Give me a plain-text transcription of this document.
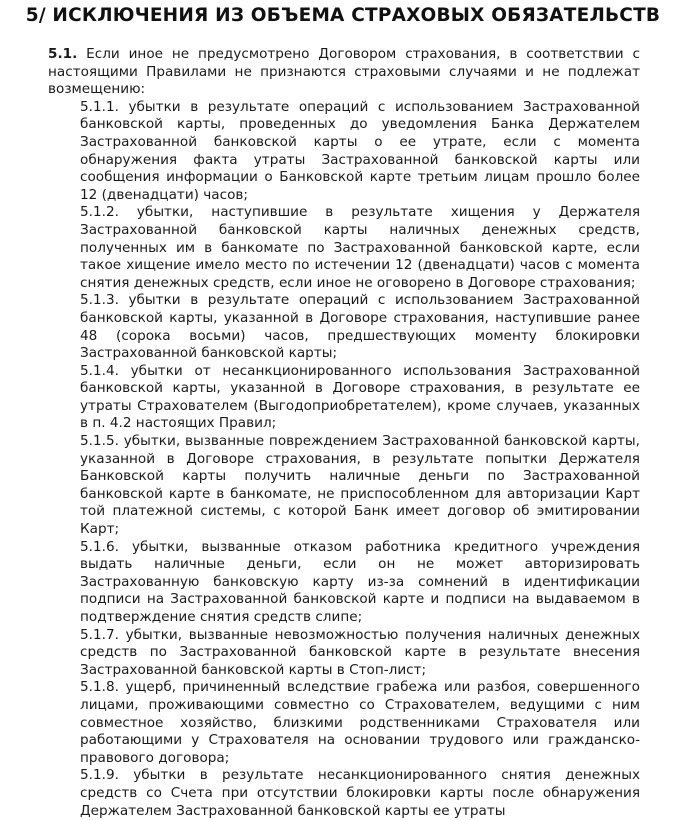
5/ ИСКЛЮЧЕНИЯ ИЗ ОБЪЕМА СТРАХОВЫХ ОБЯЗАТЕЛЬСТВ

5.1. Если иное не предусмотрено Договором страхования, в соответствии с настоящими Правилами не признаются страховыми случаями и не подлежат возмещению:

5.1.1. убытки в результате операций с использованием Застрахованной банковской карты, проведенных до уведомления Банка Держателем Застрахованной банковской карты о ее утрате, если с момента обнаружения факта утраты Застрахованной банковской карты или сообщения информации о Банковской карте третьим лицам прошло более 12 (двенадцати) часов;

5.1.2. убытки, наступившие в результате хищения у Держателя Застрахованной банковской карты наличных денежных средств, полученных им в банкомате по Застрахованной банковской карте, если такое хищение имело место по истечении 12 (двенадцати) часов с момента снятия денежных средств, если иное не оговорено в Договоре страхования;

5.1.3. убытки в результате операций с использованием Застрахованной банковской карты, указанной в Договоре страхования, наступившие ранее 48 (сорока восьми) часов, предшествующих моменту блокировки Застрахованной банковской карты;

5.1.4. убытки от несанкционированного использования Застрахованной банковской карты, указанной в Договоре страхования, в результате ее утраты Страхователем (Выгодоприобретателем), кроме случаев, указанных в п. 4.2 настоящих Правил;

5.1.5. убытки, вызванные повреждением Застрахованной банковской карты, указанной в Договоре страхования, в результате попытки Держателя Банковской карты получить наличные деньги по Застрахованной банковской карте в банкомате, не приспособленном для авторизации Карт той платежной системы, с которой Банк имеет договор об эмитировании Карт;

5.1.6. убытки, вызванные отказом работника кредитного учреждения выдать наличные деньги, если он не может авторизировать Застрахованную банковскую карту из-за сомнений в идентификации подписи на Застрахованной банковской карте и подписи на выдаваемом в подтверждение снятия средств слипе;

5.1.7. убытки, вызванные невозможностью получения наличных денежных средств по Застрахованной банковской карте в результате внесения Застрахованной банковской карты в Стоп-лист;

5.1.8. ущерб, причиненный вследствие грабежа или разбоя, совершенного лицами, проживающими совместно со Страхователем, ведущими с ним совместное хозяйство, близкими родственниками Страхователя или работающими у Страхователя на основании трудового или гражданско-правового договора;

5.1.9. убытки в результате несанкционированного снятия денежных средств со Счета при отсутствии блокировки карты после обнаружения Держателем Застрахованной банковской карты ее утраты
